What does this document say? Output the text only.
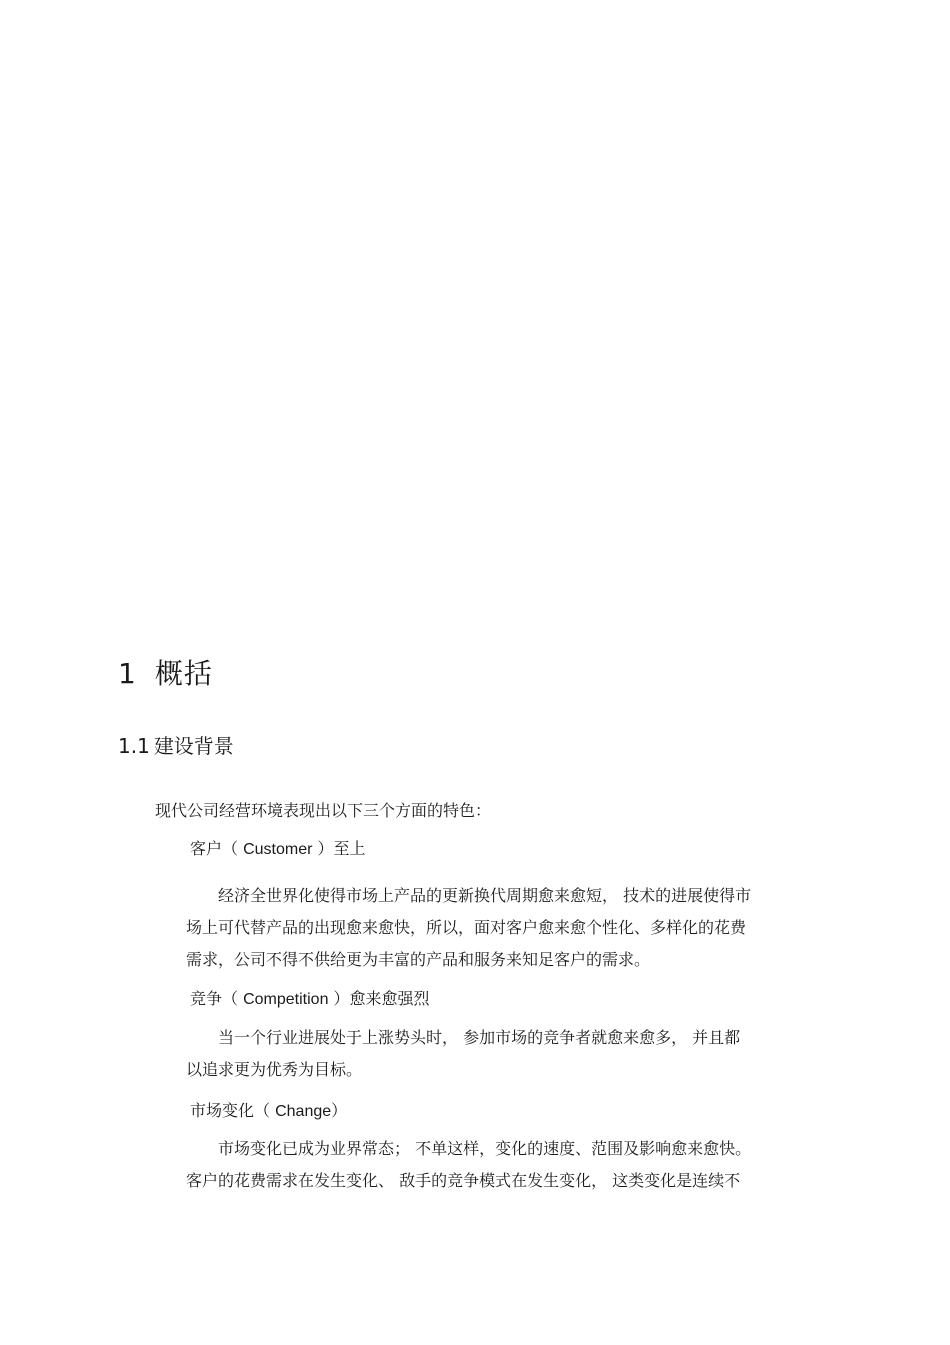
1 概括
1.1 建设背景
现代公司经营环境表现出以下三个方面的特色：
客户（ Customer ）至上
　　经济全世界化使得市场上产品的更新换代周期愈来愈短， 技术的进展使得市
场上可代替产品的出现愈来愈快，所以，面对客户愈来愈个性化、多样化的花费
需求，公司不得不供给更为丰富的产品和服务来知足客户的需求。
竞争（ Competition ）愈来愈强烈
　　当一个行业进展处于上涨势头时， 参加市场的竞争者就愈来愈多， 并且都
以追求更为优秀为目标。
市场变化（ Change）
　　市场变化已成为业界常态； 不单这样，变化的速度、范围及影响愈来愈快。
客户的花费需求在发生变化、 敌手的竞争模式在发生变化， 这类变化是连续不
